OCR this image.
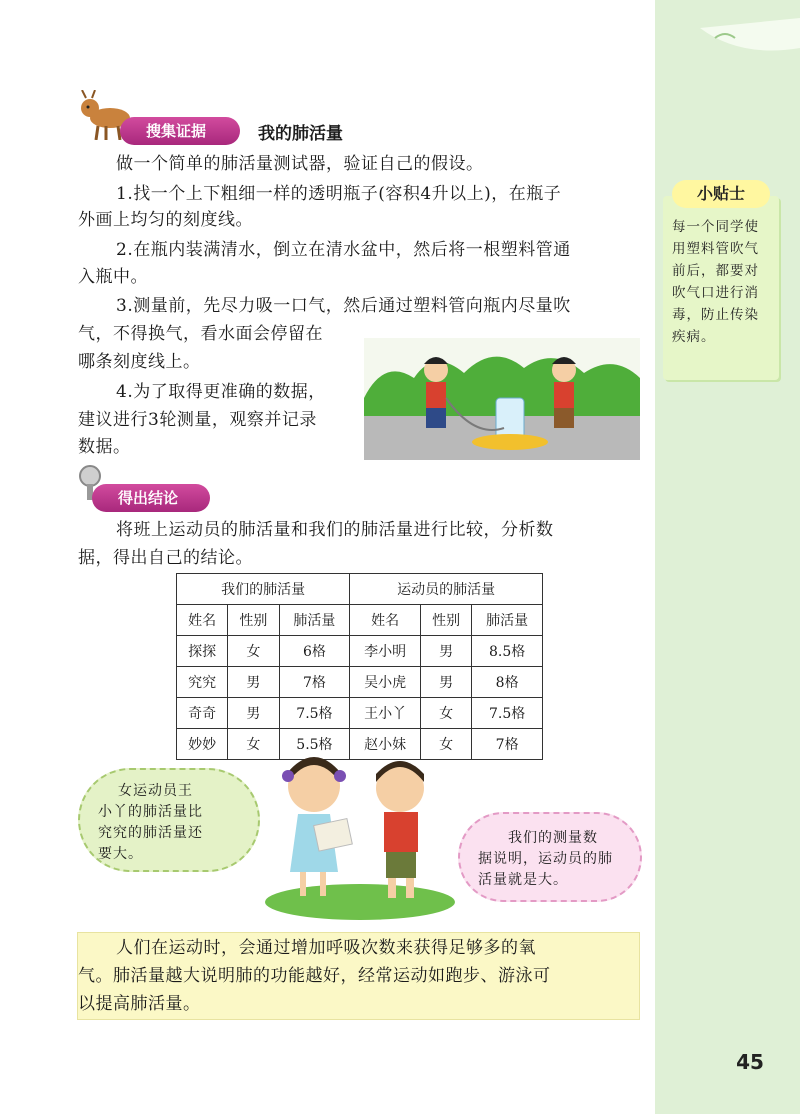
小贴士
每一个同学使用塑料管吹气前后，都要对吹气口进行消毒，防止传染疾病。
搜集证据	我的肺活量
做一个简单的肺活量测试器，验证自己的假设。
1.找一个上下粗细一样的透明瓶子(容积4升以上)，在瓶子
外画上均匀的刻度线。
2.在瓶内装满清水，倒立在清水盆中，然后将一根塑料管通
入瓶中。
3.测量前，先尽力吸一口气，然后通过塑料管向瓶内尽量吹
气，不得换气，看水面会停留在
哪条刻度线上。
4.为了取得更准确的数据，
建议进行3轮测量，观察并记录
数据。
得出结论
将班上运动员的肺活量和我们的肺活量进行比较，分析数
据，得出自己的结论。
我们的肺活量			运动员的肺活量		
姓名	性别	肺活量	姓名	性别	肺活量
探探	女	6格	李小明	男	8.5格
究究	男	7格	吴小虎	男	8格
奇奇	男	7.5格	王小丫	女	7.5格
妙妙	女	5.5格	赵小妹	女	7格
女运动员王
小丫的肺活量比
究究的肺活量还
要大。
我们的测量数
据说明，运动员的肺
活量就是大。
人们在运动时，会通过增加呼吸次数来获得足够多的氧
气。肺活量越大说明肺的功能越好，经常运动如跑步、游泳可
以提高肺活量。
45
